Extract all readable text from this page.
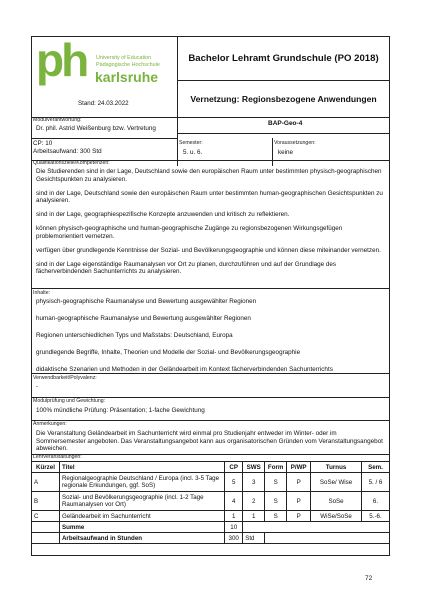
ph University of Education
Pädagogische Hochschule
karlsruhe
Stand: 24.03.2022
Bachelor Lehramt Grundschule (PO 2018)
Vernetzung: Regionsbezogene Anwendungen
Modulverantwortung:
Dr. phil. Astrid Weißenburg bzw. Vertretung
BAP-Geo-4
CP: 10
Arbeitsaufwand: 300 Std
Semester:
5. u. 6.
Voraussetzungen:
keine
Qualifikationsziele/Kompetenzen:

Die Studierenden sind in der Lage, Deutschland sowie den europäischen Raum unter bestimmten physisch-geographischen Gesichtspunkten zu analysieren.

sind in der Lage, Deutschland sowie den europäischen Raum unter bestimmten human-geographischen Gesichtspunkten zu analysieren.

sind in der Lage, geographiespezifische Konzepte anzuwenden und kritisch zu reflektieren.

können physisch-geographische und human-geographische Zugänge zu regionsbezogenen Wirkungsgefügen problemorientiert vernetzen.

verfügen über grundlegende Kenntnisse der Sozial- und Bevölkerungsgeographie und können diese miteinander vernetzen.

sind in der Lage eigenständige Raumanalysen vor Ort zu planen, durchzuführen und auf der Grundlage des fächerverbindenden Sachunterrichts zu analysieren.

Inhalte:

physisch-geographische Raumanalyse und Bewertung ausgewählter Regionen

human-geographische Raumanalyse und Bewertung ausgewählter Regionen

Regionen unterschiedlichen Typs und Maßstabs: Deutschland, Europa

grundlegende Begriffe, Inhalte, Theorien und Modelle der Sozial- und Bevölkerungsgeographie

didaktische Szenarien und Methoden in der Geländearbeit im Kontext fächerverbindenden Sachunterrichts

Verwendbarkeit/Polyvalenz:
-
Modulprüfung und Gewichtung:
100% mündliche Prüfung: Präsentation; 1-fache Gewichtung
Anmerkungen:
Die Veranstaltung Geländearbeit im Sachunterricht wird einmal pro Studienjahr entweder im Winter- oder im Sommersemester angeboten. Das Veranstaltungsangebot kann aus organisatorischen Gründen vom Veranstaltungsangebot abweichen.
Lehrveranstaltungen:
Kürzel	Titel	CP	SWS	Form	P/WP	Turnus	Sem.
A	Regionalgeographie Deutschland / Europa (incl. 3-5 Tage regionale Erkundungen, ggf. SoS)	5	3	S	P	SoSe/ Wise	5. / 6
B	Sozial- und Bevölkerungsgeographie (incl. 1-2 Tage Raumanalysen vor Ort)	4	2	S	P	SoSe	6.
C	Geländearbeit im Sachunterricht	1	1	S	P	WiSe/SoSe	5.-6.
	Summe	10					
	Arbeitsaufwand in Stunden	300	Std				
72
